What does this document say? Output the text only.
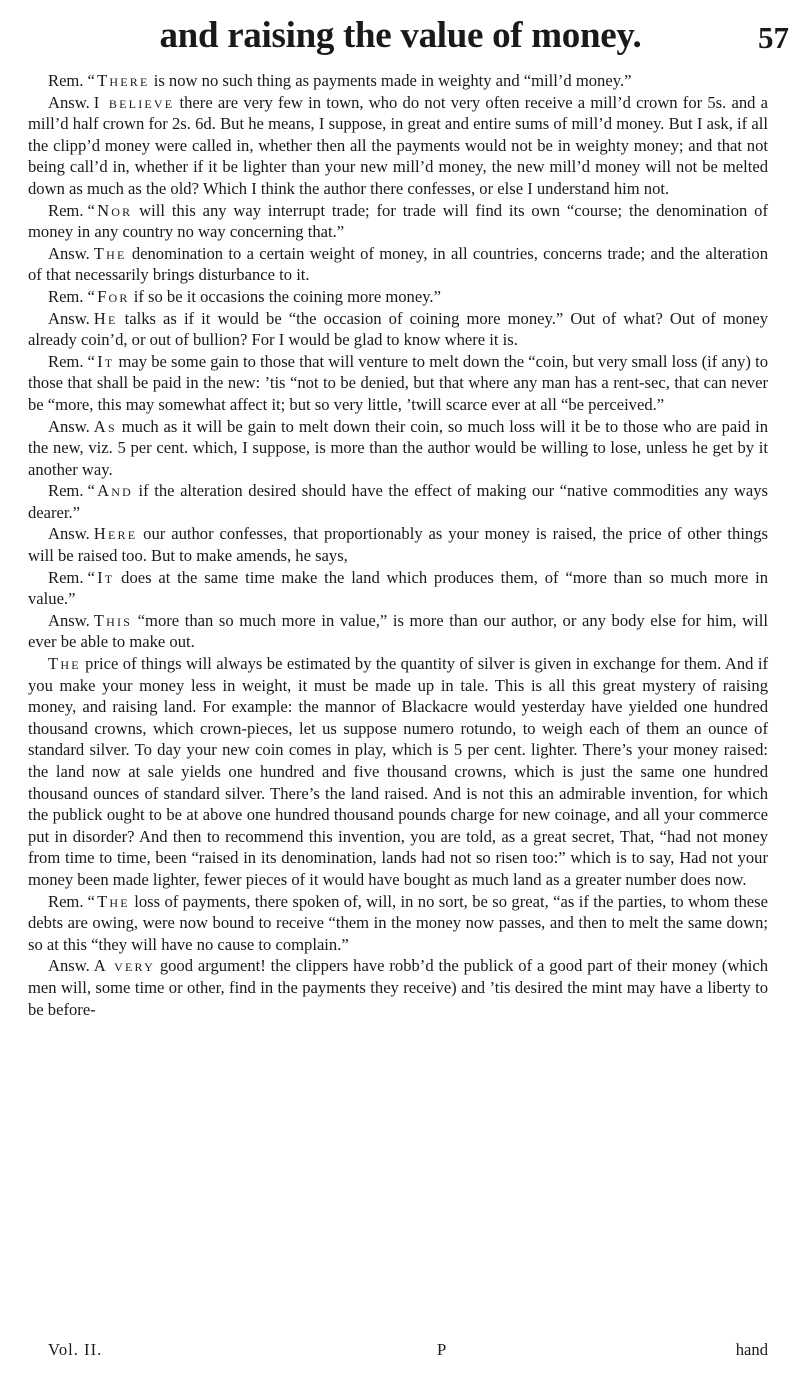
and raising the value of money.	57

Rem. “There is now no such thing as payments made in weighty and “mill’d money.”

Answ. I believe there are very few in town, who do not very often receive a mill’d crown for 5s. and a mill’d half crown for 2s. 6d. But he means, I suppose, in great and entire sums of mill’d money. But I ask, if all the clipp’d money were called in, whether then all the payments would not be in weighty money; and that not being call’d in, whether if it be lighter than your new mill’d money, the new mill’d money will not be melted down as much as the old? Which I think the author there confesses, or else I understand him not.

Rem. “Nor will this any way interrupt trade; for trade will find its own “course; the denomination of money in any country no way concerning that.”

Answ. The denomination to a certain weight of money, in all countries, concerns trade; and the alteration of that necessarily brings disturbance to it.

Rem. “For if so be it occasions the coining more money.”

Answ. He talks as if it would be “the occasion of coining more money.” Out of what? Out of money already coin’d, or out of bullion? For I would be glad to know where it is.

Rem. “It may be some gain to those that will venture to melt down the “coin, but very small loss (if any) to those that shall be paid in the new: ’tis “not to be denied, but that where any man has a rent-sec, that can never be “more, this may somewhat affect it; but so very little, ’twill scarce ever at all “be perceived.”

Answ. As much as it will be gain to melt down their coin, so much loss will it be to those who are paid in the new, viz. 5 per cent. which, I suppose, is more than the author would be willing to lose, unless he get by it another way.

Rem. “And if the alteration desired should have the effect of making our “native commodities any ways dearer.”

Answ. Here our author confesses, that proportionably as your money is raised, the price of other things will be raised too. But to make amends, he says,

Rem. “It does at the same time make the land which produces them, of “more than so much more in value.”

Answ. This “more than so much more in value,” is more than our author, or any body else for him, will ever be able to make out.

The price of things will always be estimated by the quantity of silver is given in exchange for them. And if you make your money less in weight, it must be made up in tale. This is all this great mystery of raising money, and raising land. For example: the mannor of Blackacre would yesterday have yielded one hundred thousand crowns, which crown-pieces, let us suppose numero rotundo, to weigh each of them an ounce of standard silver. To day your new coin comes in play, which is 5 per cent. lighter. There’s your money raised: the land now at sale yields one hundred and five thousand crowns, which is just the same one hundred thousand ounces of standard silver. There’s the land raised. And is not this an admirable invention, for which the publick ought to be at above one hundred thousand pounds charge for new coinage, and all your commerce put in disorder? And then to recommend this invention, you are told, as a great secret, That, “had not money from time to time, been “raised in its denomination, lands had not so risen too:” which is to say, Had not your money been made lighter, fewer pieces of it would have bought as much land as a greater number does now.

Rem. “The loss of payments, there spoken of, will, in no sort, be so great, “as if the parties, to whom these debts are owing, were now bound to receive “them in the money now passes, and then to melt the same down; so at this “they will have no cause to complain.”

Answ. A very good argument! the clippers have robb’d the publick of a good part of their money (which men will, some time or other, find in the payments they receive) and ’tis desired the mint may have a liberty to be before-

Vol. II.	P	hand
